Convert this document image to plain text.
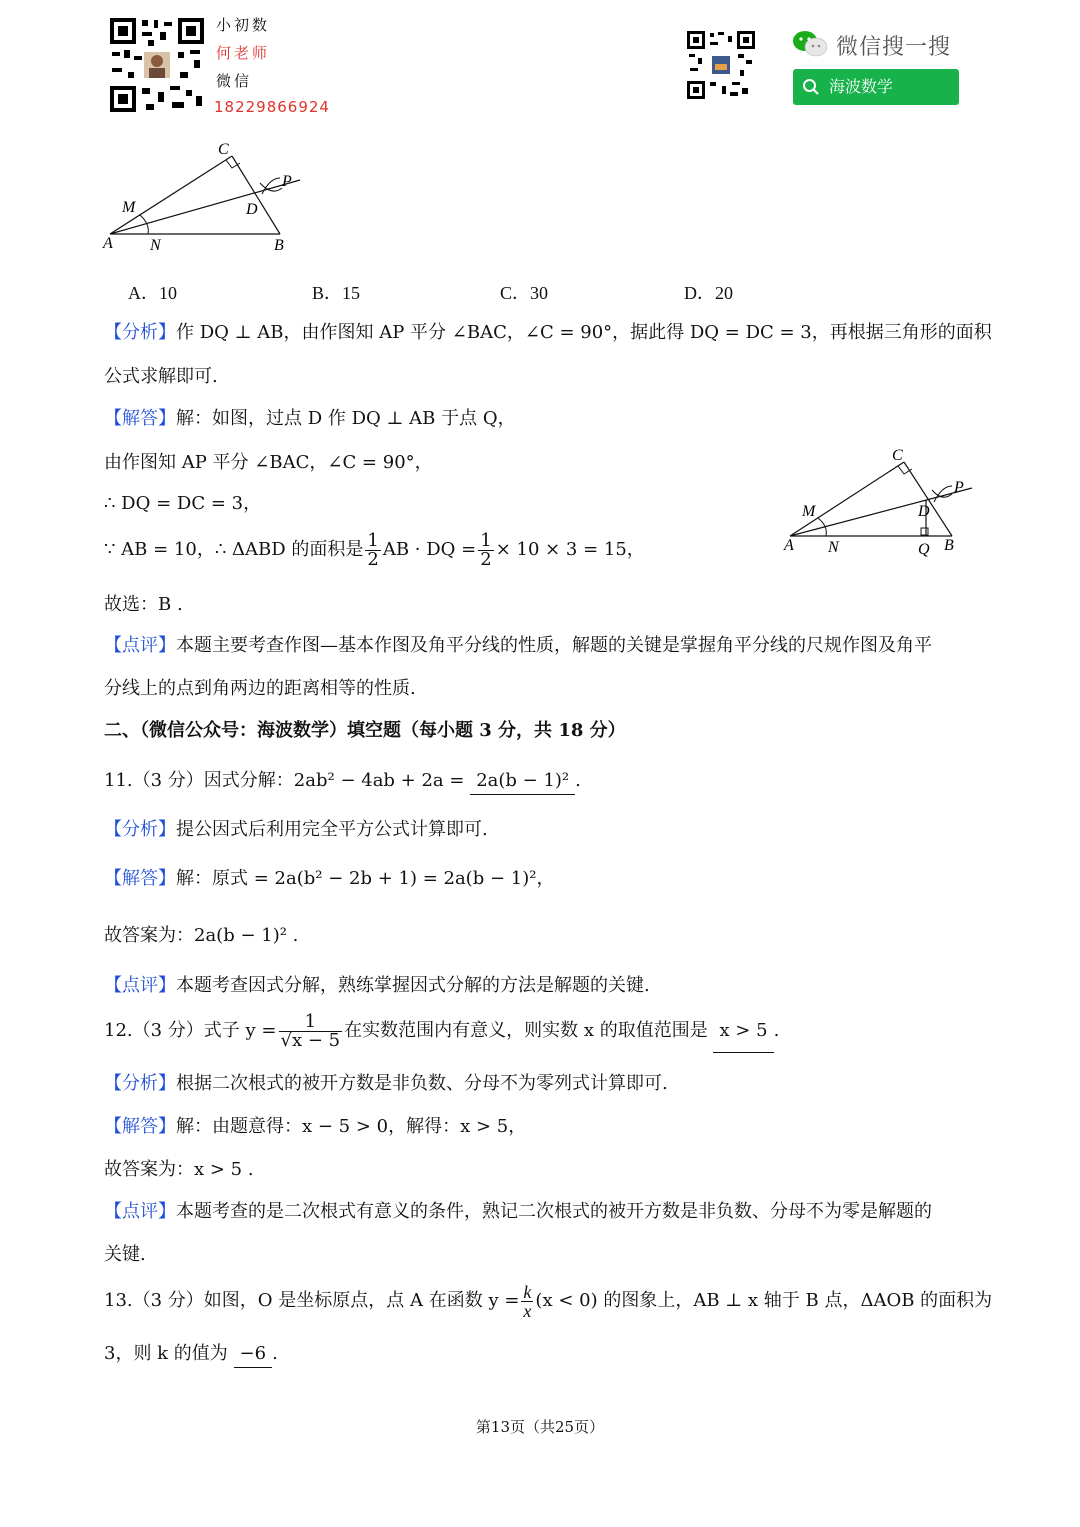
小初数
何老师
微信
18229866924
微信搜一搜
海波数学
C
P
M	D
A N	B
A．10	B．15	C．30	D．20
【分析】作 DQ ⊥ AB，由作图知 AP 平分 ∠BAC，∠C = 90°，据此得 DQ = DC = 3，再根据三角形的面积
公式求解即可.
【解答】解：如图，过点 D 作 DQ ⊥ AB 于点 Q，
由作图知 AP 平分 ∠BAC，∠C = 90°，
∴ DQ = DC = 3，
∵ AB = 10，∴ ΔABD 的面积是 $\frac{1}{2}$ AB · DQ = $\frac{1}{2} \times 10 \times 3 = 15$，
故选：B .
C
P
M	D
A N	Q B
【点评】本题主要考查作图—基本作图及角平分线的性质，解题的关键是掌握角平分线的尺规作图及角平
分线上的点到角两边的距离相等的性质.
二、（微信公众号：海波数学）填空题（每小题 3 分，共 18 分）
11.（3 分）因式分解：2ab² − 4ab + 2a = 2a(b − 1)² .
【分析】提公因式后利用完全平方公式计算即可.
【解答】解：原式 = 2a(b² − 2b + 1) = 2a(b − 1)²，
故答案为：2a(b − 1)² .
【点评】本题考查因式分解，熟练掌握因式分解的方法是解题的关键.
12.（3 分）式子 $y = \frac{1}{√x - 5}$ 在实数范围内有意义，则实数 x 的取值范围是 x > 5 .
【分析】根据二次根式的被开方数是非负数、分母不为零列式计算即可.
【解答】解：由题意得：x − 5 > 0，解得：x > 5，
故答案为：x > 5 .
【点评】本题考查的是二次根式有意义的条件，熟记二次根式的被开方数是非负数、分母不为零是解题的
关键.
13.（3 分）如图，O 是坐标原点，点 A 在函数 $y = \frac{k}{x} (x < 0)$ 的图象上，AB ⊥ x 轴于 B 点，ΔAOB 的面积为
3，则 k 的值为 −6 .
第13页（共25页）
